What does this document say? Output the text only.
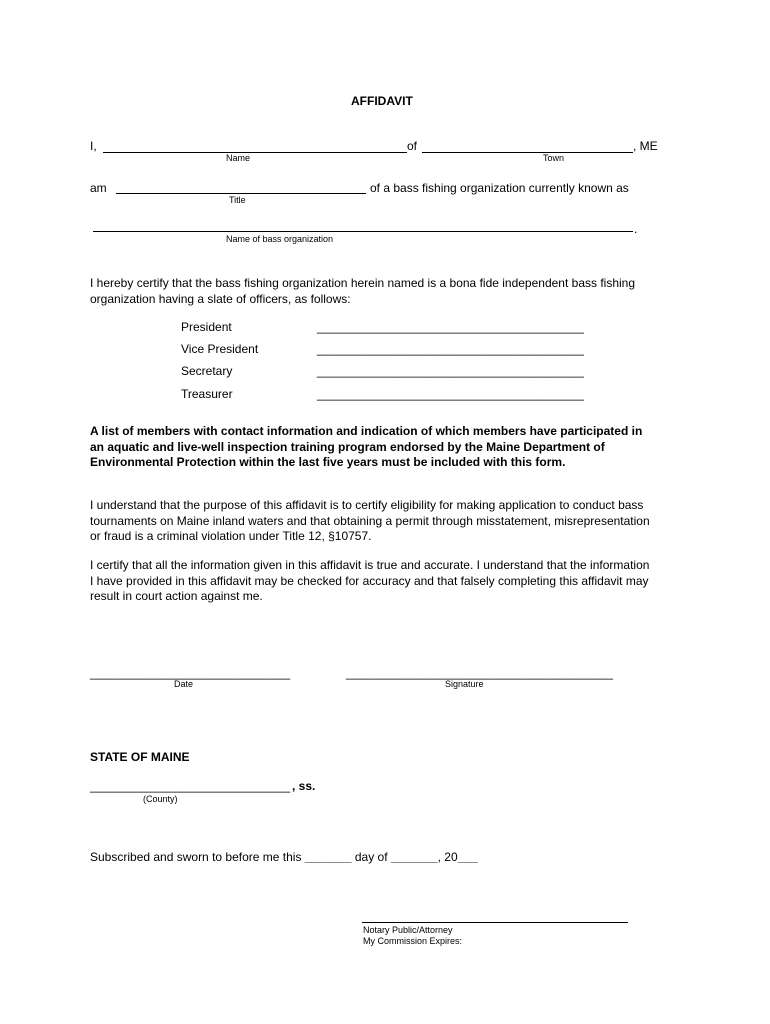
AFFIDAVIT
I,	of	, ME
Name	Town
am	of a bass fishing organization currently known as
Title
.
Name of bass organization
I hereby certify that the bass fishing organization herein named is a bona fide independent bass fishing
organization having a slate of officers, as follows:
President	________________________________________
Vice President	________________________________________
Secretary	________________________________________
Treasurer	________________________________________
A list of members with contact information and indication of which members have participated in
an aquatic and live-well inspection training program endorsed by the Maine Department of
Environmental Protection within the last five years must be included with this form.
I understand that the purpose of this affidavit is to certify eligibility for making application to conduct bass
tournaments on Maine inland waters and that obtaining a permit through misstatement, misrepresentation
or fraud is a criminal violation under Title 12, §10757.
I certify that all the information given in this affidavit is true and accurate. I understand that the information
I have provided in this affidavit may be checked for accuracy and that falsely completing this affidavit may
result in court action against me.
______________________________
Date
________________________________________
Signature
STATE OF MAINE
______________________________ , ss.
(County)
Subscribed and sworn to before me this _______ day of _______, 20___
Notary Public/Attorney
My Commission Expires:
